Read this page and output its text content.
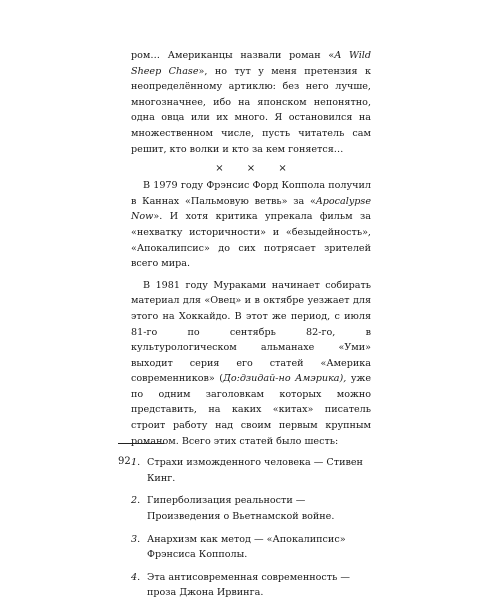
ром… Американцы назвали роман «A Wild Sheep Chase», но тут у меня претензия к неопределённому артиклю: без него лучше, многозначнее, ибо на японском непонятно, одна овца или их много. Я остановился на множественном числе, пусть читатель сам решит, кто волки и кто за кем гоняется…

× × ×

В 1979 году Фрэнсис Форд Коппола получил в Каннах «Пальмовую ветвь» за «Apocalypse Now». И хотя критика упрекала фильм за «нехватку историчности» и «безыдейность», «Апокалипсис» до сих потрясает зрителей всего мира.

В 1981 году Мураками начинает собирать материал для «Овец» и в октябре уезжает для этого на Хоккайдо. В этот же период, с июля 81-го по сентябрь 82-го, в культурологическом альманахе «Уми» выходит серия его статей «Америка современников» (До:дзидай-но Амэрика), уже по одним заголовкам которых можно представить, на каких «китах» писатель строит работу над своим первым крупным романом. Всего этих статей было шесть:

1. Страхи изможденного человека — Стивен Кинг.
2. Гиперболизация реальности — Произведения о Вьетнамской войне.
3. Анархизм как метод — «Апокалипсис» Фрэнсиса Копполы.
4. Эта антисовременная современность — проза Джона Ирвинга.
92
